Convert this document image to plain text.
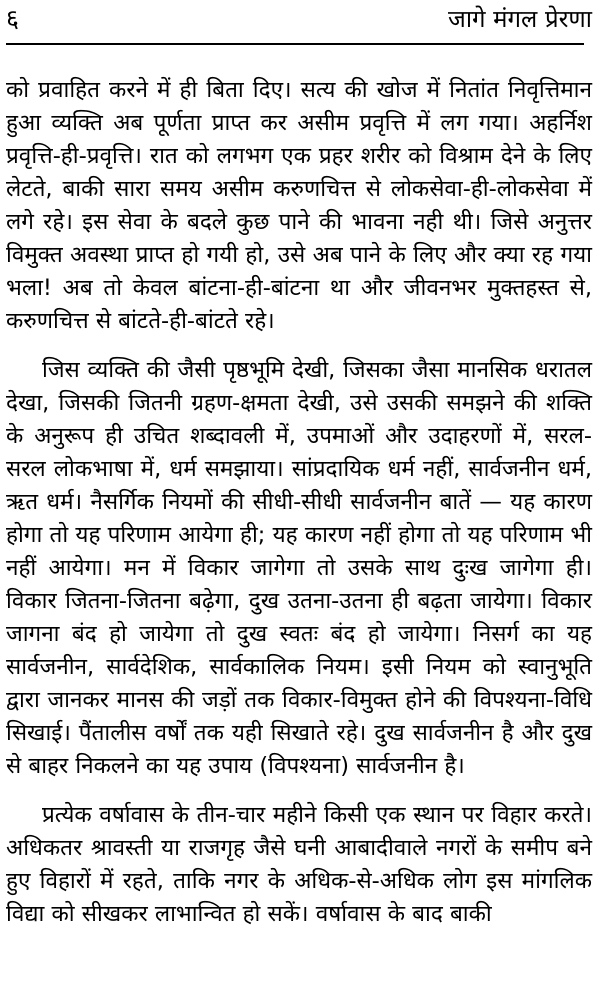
६	जागे मंगल प्रेरणा

को प्रवाहित करने में ही बिता दिए। सत्य की खोज में नितांत निवृत्तिमान हुआ व्यक्ति अब पूर्णता प्राप्त कर असीम प्रवृत्ति में लग गया। अहर्निश प्रवृत्ति-ही-प्रवृत्ति। रात को लगभग एक प्रहर शरीर को विश्राम देने के लिए लेटते, बाकी सारा समय असीम करुणचित्त से लोकसेवा-ही-लोकसेवा में लगे रहे। इस सेवा के बदले कुछ पाने की भावना नही थी। जिसे अनुत्तर विमुक्त अवस्था प्राप्त हो गयी हो, उसे अब पाने के लिए और क्या रह गया भला! अब तो केवल बांटना-ही-बांटना था और जीवनभर मुक्तहस्त से, करुणचित्त से बांटते-ही-बांटते रहे।

जिस व्यक्ति की जैसी पृष्ठभूमि देखी, जिसका जैसा मानसिक धरातल देखा, जिसकी जितनी ग्रहण-क्षमता देखी, उसे उसकी समझने की शक्ति के अनुरूप ही उचित शब्दावली में, उपमाओं और उदाहरणों में, सरल-सरल लोकभाषा में, धर्म समझाया। सांप्रदायिक धर्म नहीं, सार्वजनीन धर्म, ऋत धर्म। नैसर्गिक नियमों की सीधी-सीधी सार्वजनीन बातें — यह कारण होगा तो यह परिणाम आयेगा ही; यह कारण नहीं होगा तो यह परिणाम भी नहीं आयेगा। मन में विकार जागेगा तो उसके साथ दुःख जागेगा ही। विकार जितना-जितना बढ़ेगा, दुख उतना-उतना ही बढ़ता जायेगा। विकार जागना बंद हो जायेगा तो दुख स्वतः बंद हो जायेगा। निसर्ग का यह सार्वजनीन, सार्वदेशिक, सार्वकालिक नियम। इसी नियम को स्वानुभूति द्वारा जानकर मानस की जड़ों तक विकार-विमुक्त होने की विपश्यना-विधि सिखाई। पैंतालीस वर्षों तक यही सिखाते रहे। दुख सार्वजनीन है और दुख से बाहर निकलने का यह उपाय (विपश्यना) सार्वजनीन है।

प्रत्येक वर्षावास के तीन-चार महीने किसी एक स्थान पर विहार करते। अधिकतर श्रावस्ती या राजगृह जैसे घनी आबादीवाले नगरों के समीप बने हुए विहारों में रहते, ताकि नगर के अधिक-से-अधिक लोग इस मांगलिक विद्या को सीखकर लाभान्वित हो सकें। वर्षावास के बाद बाकी
